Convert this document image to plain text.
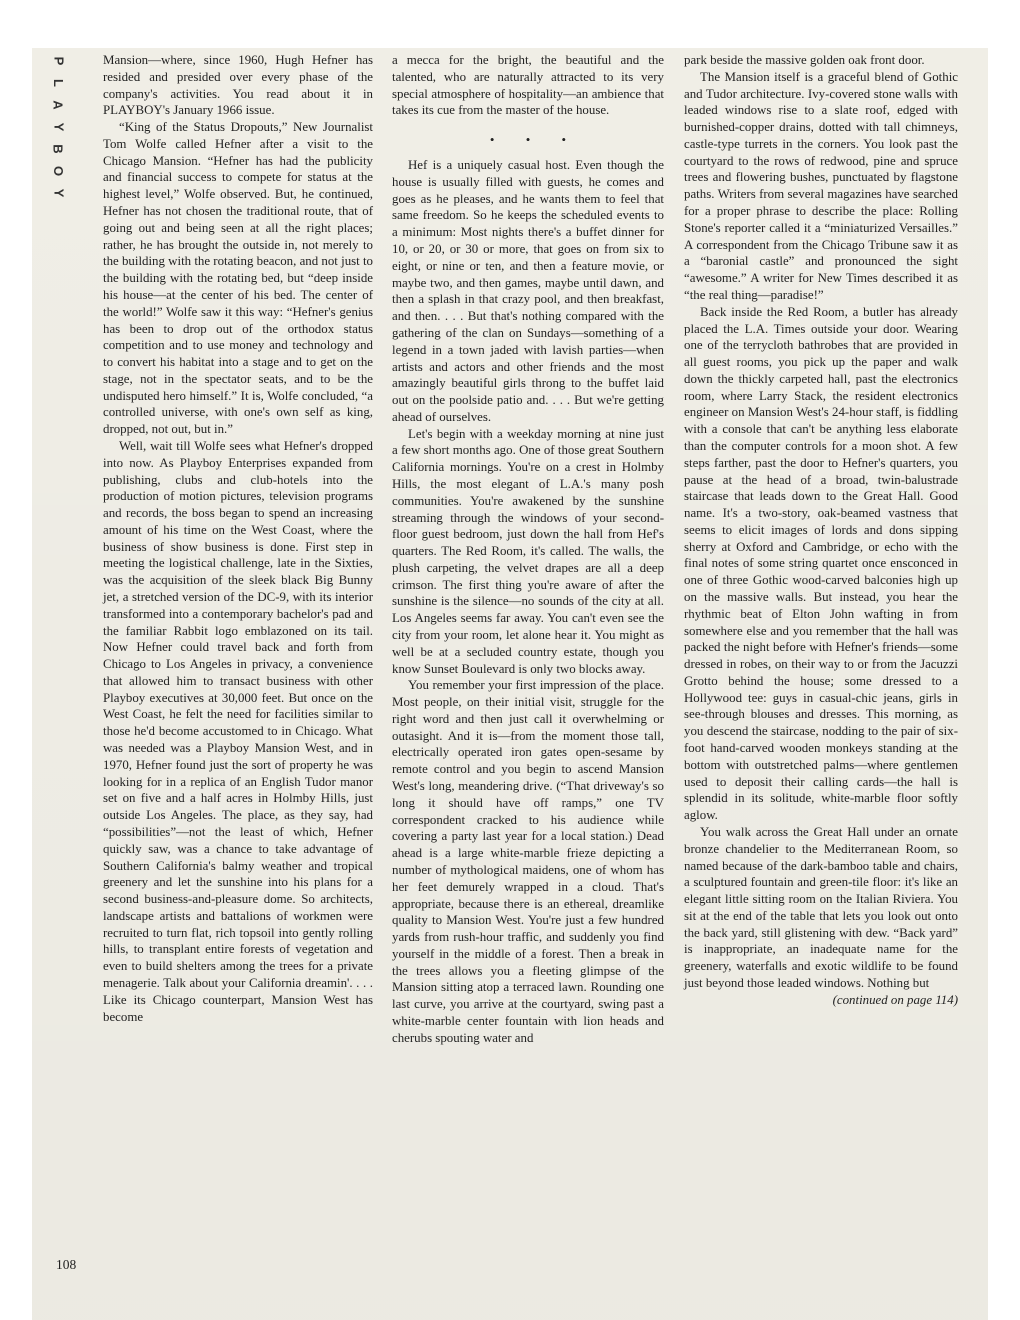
P
L
A
Y
B
O
Y

Mansion—where, since 1960, Hugh Hefner has resided and presided over every phase of the company's activities. You read about it in PLAYBOY's January 1966 issue.

“King of the Status Dropouts,” New Journalist Tom Wolfe called Hefner after a visit to the Chicago Mansion. “Hefner has had the publicity and financial success to compete for status at the highest level,” Wolfe observed. But, he continued, Hefner has not chosen the traditional route, that of going out and being seen at all the right places; rather, he has brought the outside in, not merely to the building with the rotating beacon, and not just to the building with the rotating bed, but “deep inside his house—at the center of his bed. The center of the world!” Wolfe saw it this way: “Hefner's genius has been to drop out of the orthodox status competition and to use money and technology and to convert his habitat into a stage and to get on the stage, not in the spectator seats, and to be the undisputed hero himself.” It is, Wolfe concluded, “a controlled universe, with one's own self as king, dropped, not out, but in.”

Well, wait till Wolfe sees what Hefner's dropped into now. As Playboy Enterprises expanded from publishing, clubs and club-hotels into the production of motion pictures, television programs and records, the boss began to spend an increasing amount of his time on the West Coast, where the business of show business is done. First step in meeting the logistical challenge, late in the Sixties, was the acquisition of the sleek black Big Bunny jet, a stretched version of the DC-9, with its interior transformed into a contemporary bachelor's pad and the familiar Rabbit logo emblazoned on its tail. Now Hefner could travel back and forth from Chicago to Los Angeles in privacy, a convenience that allowed him to transact business with other Playboy executives at 30,000 feet. But once on the West Coast, he felt the need for facilities similar to those he'd become accustomed to in Chicago. What was needed was a Playboy Mansion West, and in 1970, Hefner found just the sort of property he was looking for in a replica of an English Tudor manor set on five and a half acres in Holmby Hills, just outside Los Angeles. The place, as they say, had “possibilities”—not the least of which, Hefner quickly saw, was a chance to take advantage of Southern California's balmy weather and tropical greenery and let the sunshine into his plans for a second business-and-pleasure dome. So architects, landscape artists and battalions of workmen were recruited to turn flat, rich topsoil into gently rolling hills, to transplant entire forests of vegetation and even to build shelters among the trees for a private menagerie. Talk about your California dreamin'. . . . Like its Chicago counterpart, Mansion West has become

a mecca for the bright, the beautiful and the talented, who are naturally attracted to its very special atmosphere of hospitality—an ambience that takes its cue from the master of the house.

• • •

Hef is a uniquely casual host. Even though the house is usually filled with guests, he comes and goes as he pleases, and he wants them to feel that same freedom. So he keeps the scheduled events to a minimum: Most nights there's a buffet dinner for 10, or 20, or 30 or more, that goes on from six to eight, or nine or ten, and then a feature movie, or maybe two, and then games, maybe until dawn, and then a splash in that crazy pool, and then breakfast, and then. . . . But that's nothing compared with the gathering of the clan on Sundays—something of a legend in a town jaded with lavish parties—when artists and actors and other friends and the most amazingly beautiful girls throng to the buffet laid out on the poolside patio and. . . . But we're getting ahead of ourselves.

Let's begin with a weekday morning at nine just a few short months ago. One of those great Southern California mornings. You're on a crest in Holmby Hills, the most elegant of L.A.'s many posh communities. You're awakened by the sunshine streaming through the windows of your second-floor guest bedroom, just down the hall from Hef's quarters. The Red Room, it's called. The walls, the plush carpeting, the velvet drapes are all a deep crimson. The first thing you're aware of after the sunshine is the silence—no sounds of the city at all. Los Angeles seems far away. You can't even see the city from your room, let alone hear it. You might as well be at a secluded country estate, though you know Sunset Boulevard is only two blocks away.

You remember your first impression of the place. Most people, on their initial visit, struggle for the right word and then just call it overwhelming or outasight. And it is—from the moment those tall, electrically operated iron gates open-sesame by remote control and you begin to ascend Mansion West's long, meandering drive. (“That driveway's so long it should have off ramps,” one TV correspondent cracked to his audience while covering a party last year for a local station.) Dead ahead is a large white-marble frieze depicting a number of mythological maidens, one of whom has her feet demurely wrapped in a cloud. That's appropriate, because there is an ethereal, dreamlike quality to Mansion West. You're just a few hundred yards from rush-hour traffic, and suddenly you find yourself in the middle of a forest. Then a break in the trees allows you a fleeting glimpse of the Mansion sitting atop a terraced lawn. Rounding one last curve, you arrive at the courtyard, swing past a white-marble center fountain with lion heads and cherubs spouting water and

park beside the massive golden oak front door.

The Mansion itself is a graceful blend of Gothic and Tudor architecture. Ivy-covered stone walls with leaded windows rise to a slate roof, edged with burnished-copper drains, dotted with tall chimneys, castle-type turrets in the corners. You look past the courtyard to the rows of redwood, pine and spruce trees and flowering bushes, punctuated by flagstone paths. Writers from several magazines have searched for a proper phrase to describe the place: Rolling Stone's reporter called it a “miniaturized Versailles.” A correspondent from the Chicago Tribune saw it as a “baronial castle” and pronounced the sight “awesome.” A writer for New Times described it as “the real thing—paradise!”

Back inside the Red Room, a butler has already placed the L.A. Times outside your door. Wearing one of the terrycloth bathrobes that are provided in all guest rooms, you pick up the paper and walk down the thickly carpeted hall, past the electronics room, where Larry Stack, the resident electronics engineer on Mansion West's 24-hour staff, is fiddling with a console that can't be anything less elaborate than the computer controls for a moon shot. A few steps farther, past the door to Hefner's quarters, you pause at the head of a broad, twin-balustrade staircase that leads down to the Great Hall. Good name. It's a two-story, oak-beamed vastness that seems to elicit images of lords and dons sipping sherry at Oxford and Cambridge, or echo with the final notes of some string quartet once ensconced in one of three Gothic wood-carved balconies high up on the massive walls. But instead, you hear the rhythmic beat of Elton John wafting in from somewhere else and you remember that the hall was packed the night before with Hefner's friends—some dressed in robes, on their way to or from the Jacuzzi Grotto behind the house; some dressed to a Hollywood tee: guys in casual-chic jeans, girls in see-through blouses and dresses. This morning, as you descend the staircase, nodding to the pair of six-foot hand-carved wooden monkeys standing at the bottom with outstretched palms—where gentlemen used to deposit their calling cards—the hall is splendid in its solitude, white-marble floor softly aglow.

You walk across the Great Hall under an ornate bronze chandelier to the Mediterranean Room, so named because of the dark-bamboo table and chairs, a sculptured fountain and green-tile floor: it's like an elegant little sitting room on the Italian Riviera. You sit at the end of the table that lets you look out onto the back yard, still glistening with dew. “Back yard” is inappropriate, an inadequate name for the greenery, waterfalls and exotic wildlife to be found just beyond those leaded windows. Nothing but

(continued on page 114)
108
